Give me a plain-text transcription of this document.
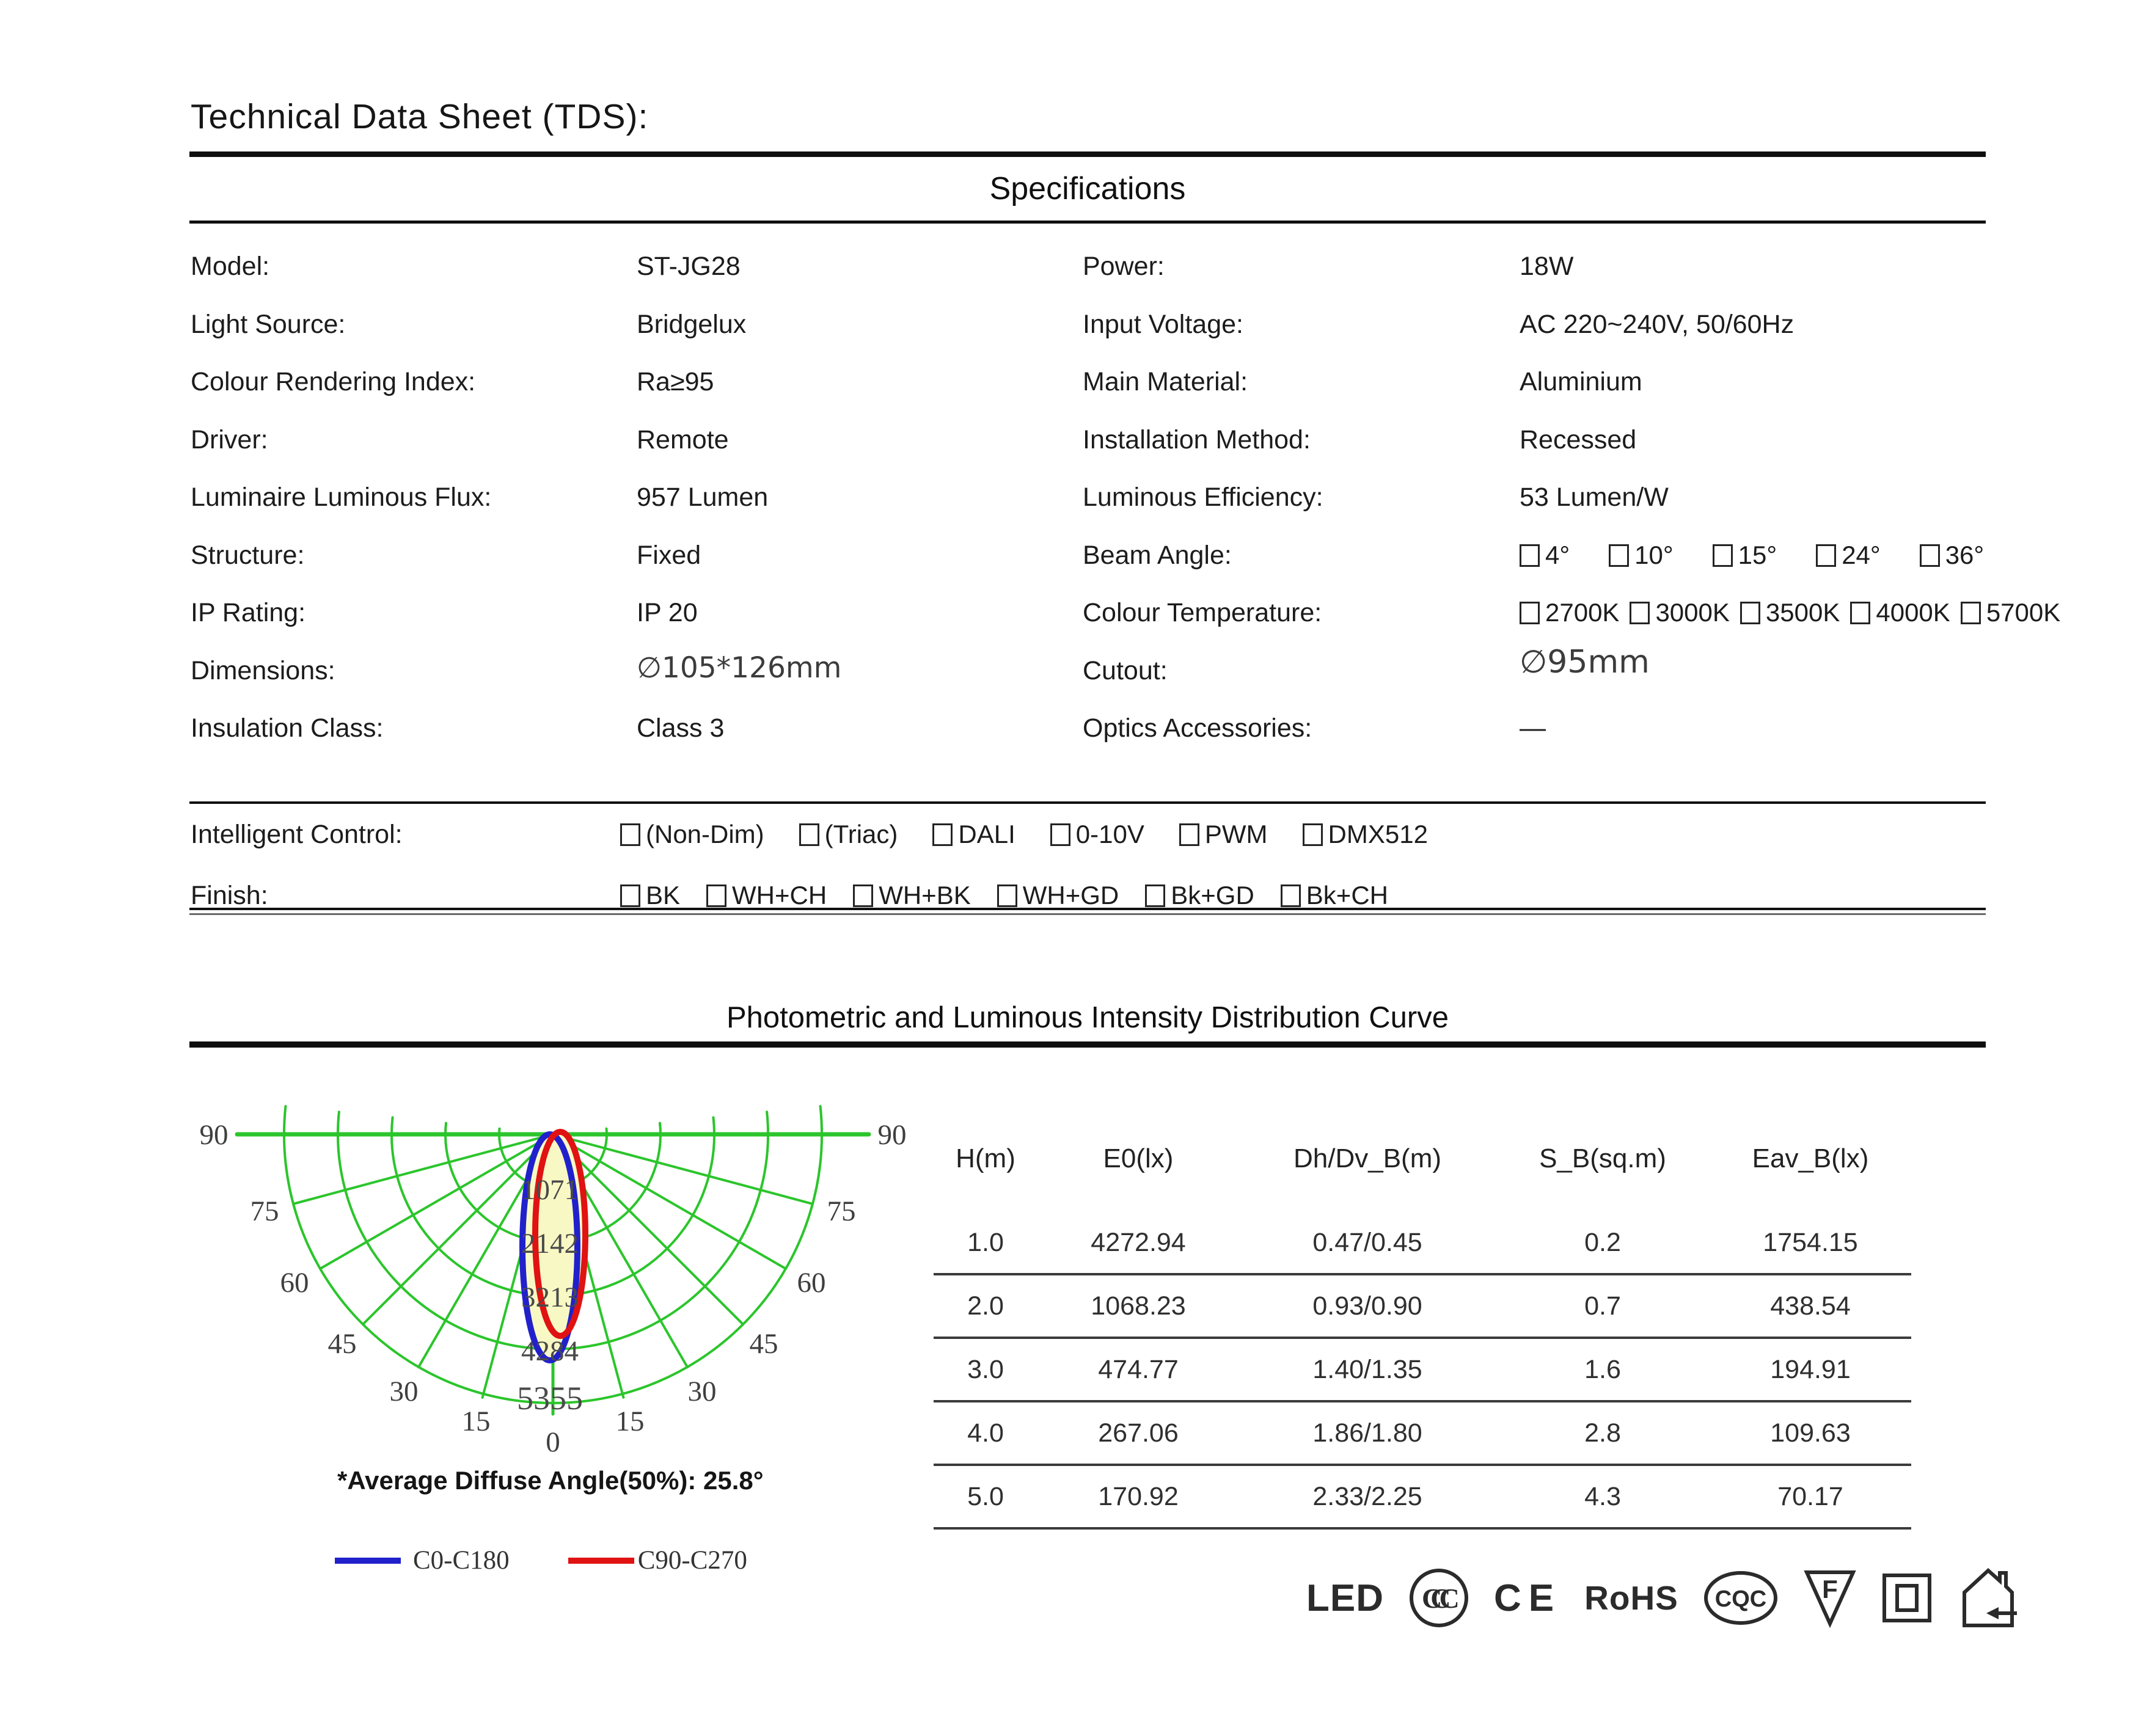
Technical Data Sheet (TDS):
Specifications
Model:	ST-JG28
Light Source:	Bridgelux
Colour Rendering Index:	Ra≥95
Driver:	Remote
Luminaire Luminous Flux:	957 Lumen
Structure:	Fixed
IP Rating:	IP 20
Dimensions:	∅105*126mm
Insulation Class:	Class 3
Power:	18W
Input Voltage:	AC 220~240V, 50/60Hz
Main Material:	Aluminium
Installation Method:	Recessed
Luminous Efficiency:	53 Lumen/W
Beam Angle:	4°	10°	15°	24°	36°
Colour Temperature:	2700K 3000K 3500K 4000K 5700K
Cutout:	∅95mm
Optics Accessories:	—
Intelligent Control:	(Non-Dim) (Triac) DALI 0-10V PWM DMX512
Finish:	BK WH+CH WH+BK WH+GD Bk+GD Bk+CH
Photometric and Luminous Intensity Distribution Curve
1071
2142
3213
4284
5355
90	90
75	75
60	60
45	45
30	30
15	15
0
*Average Diffuse Angle(50%): 25.8°
C0-C180	C90-C270
H(m)	E0(lx)	Dh/Dv_B(m)	S_B(sq.m)	Eav_B(lx)
1.0	4272.94	0.47/0.45	0.2	1754.15
2.0	1068.23	0.93/0.90	0.7	438.54
3.0	474.77	1.40/1.35	1.6	194.91
4.0	267.06	1.86/1.80	2.8	109.63
5.0	170.92	2.33/2.25	4.3	70.17
LED CCC CE RoHS CQC F
